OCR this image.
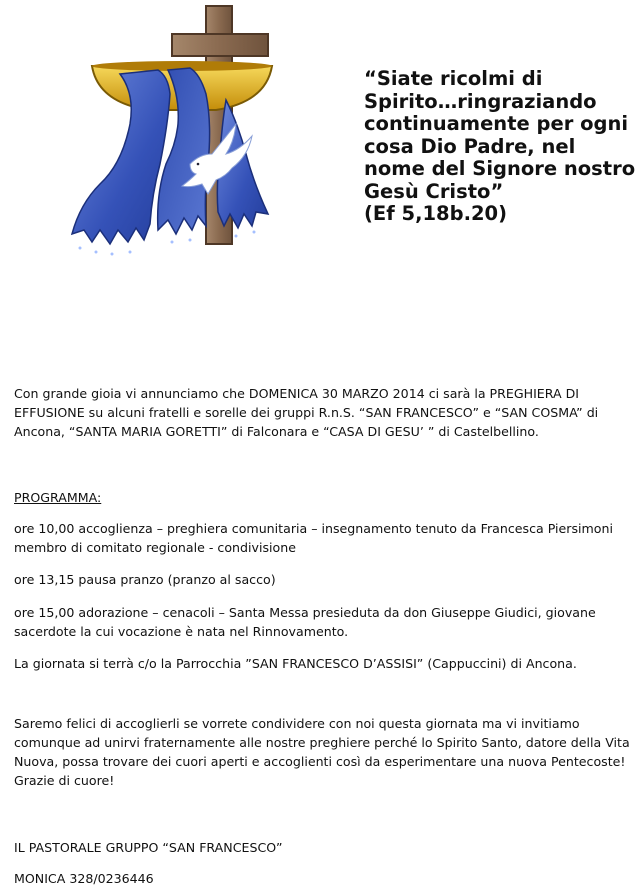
“Siate ricolmi di Spirito…ringraziando continuamente per ogni cosa Dio Padre, nel nome del Signore nostro Gesù Cristo”
(Ef 5,18b.20)
Con grande gioia vi annunciamo che DOMENICA 30 MARZO 2014 ci sarà la PREGHIERA DI EFFUSIONE su alcuni fratelli e sorelle dei gruppi R.n.S. “SAN FRANCESCO” e “SAN COSMA” di Ancona, “SANTA MARIA GORETTI” di Falconara e “CASA DI GESU’ ” di Castelbellino.
PROGRAMMA:
ore 10,00 accoglienza – preghiera comunitaria – insegnamento tenuto da Francesca Piersimoni membro di comitato regionale - condivisione
ore 13,15 pausa pranzo (pranzo al sacco)
ore 15,00 adorazione – cenacoli – Santa Messa presieduta da don Giuseppe Giudici, giovane sacerdote la cui vocazione è nata nel Rinnovamento.
La giornata si terrà c/o la Parrocchia ”SAN FRANCESCO D’ASSISI” (Cappuccini) di Ancona.
Saremo felici di accoglierli se vorrete condividere con noi questa giornata ma vi invitiamo comunque ad unirvi fraternamente alle nostre preghiere perché lo Spirito Santo, datore della Vita Nuova, possa trovare dei cuori aperti e accoglienti così da esperimentare una nuova Pentecoste! Grazie di cuore!
IL PASTORALE GRUPPO “SAN FRANCESCO”
MONICA 328/0236446
